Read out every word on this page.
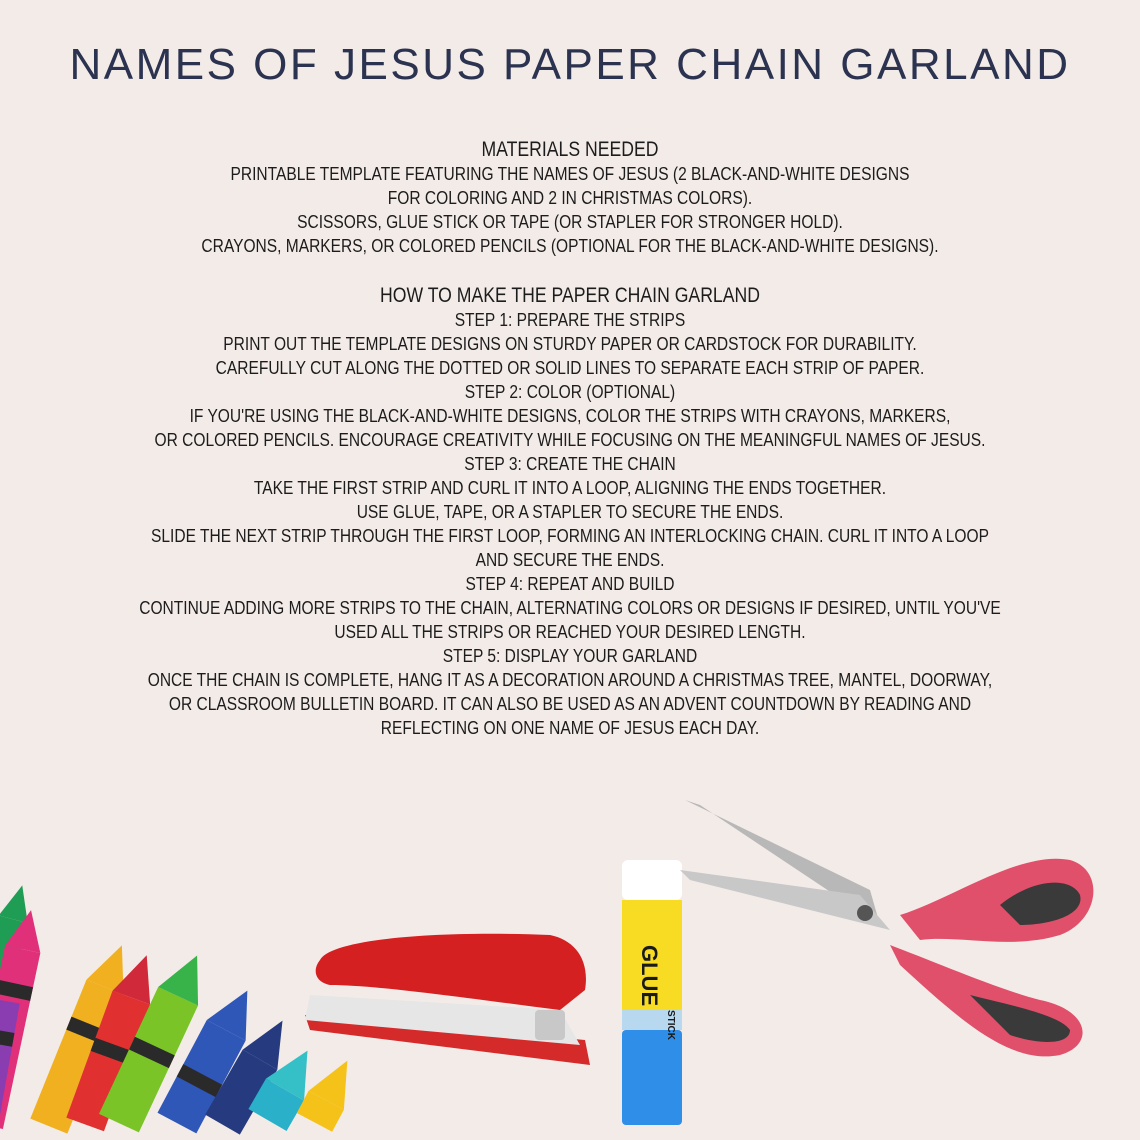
NAMES OF JESUS PAPER CHAIN GARLAND
MATERIALS NEEDED
PRINTABLE TEMPLATE FEATURING THE NAMES OF JESUS (2 BLACK-AND-WHITE DESIGNS
FOR COLORING AND 2 IN CHRISTMAS COLORS).
SCISSORS, GLUE STICK OR TAPE (OR STAPLER FOR STRONGER HOLD).
CRAYONS, MARKERS, OR COLORED PENCILS (OPTIONAL FOR THE BLACK-AND-WHITE DESIGNS).
HOW TO MAKE THE PAPER CHAIN GARLAND
STEP 1: PREPARE THE STRIPS
PRINT OUT THE TEMPLATE DESIGNS ON STURDY PAPER OR CARDSTOCK FOR DURABILITY.
CAREFULLY CUT ALONG THE DOTTED OR SOLID LINES TO SEPARATE EACH STRIP OF PAPER.
STEP 2: COLOR (OPTIONAL)
IF YOU'RE USING THE BLACK-AND-WHITE DESIGNS, COLOR THE STRIPS WITH CRAYONS, MARKERS,
OR COLORED PENCILS. ENCOURAGE CREATIVITY WHILE FOCUSING ON THE MEANINGFUL NAMES OF JESUS.
STEP 3: CREATE THE CHAIN
TAKE THE FIRST STRIP AND CURL IT INTO A LOOP, ALIGNING THE ENDS TOGETHER.
USE GLUE, TAPE, OR A STAPLER TO SECURE THE ENDS.
SLIDE THE NEXT STRIP THROUGH THE FIRST LOOP, FORMING AN INTERLOCKING CHAIN. CURL IT INTO A LOOP
AND SECURE THE ENDS.
STEP 4: REPEAT AND BUILD
CONTINUE ADDING MORE STRIPS TO THE CHAIN, ALTERNATING COLORS OR DESIGNS IF DESIRED, UNTIL YOU'VE
USED ALL THE STRIPS OR REACHED YOUR DESIRED LENGTH.
STEP 5: DISPLAY YOUR GARLAND
ONCE THE CHAIN IS COMPLETE, HANG IT AS A DECORATION AROUND A CHRISTMAS TREE, MANTEL, DOORWAY,
OR CLASSROOM BULLETIN BOARD. IT CAN ALSO BE USED AS AN ADVENT COUNTDOWN BY READING AND
REFLECTING ON ONE NAME OF JESUS EACH DAY.
GLUE
STICK
